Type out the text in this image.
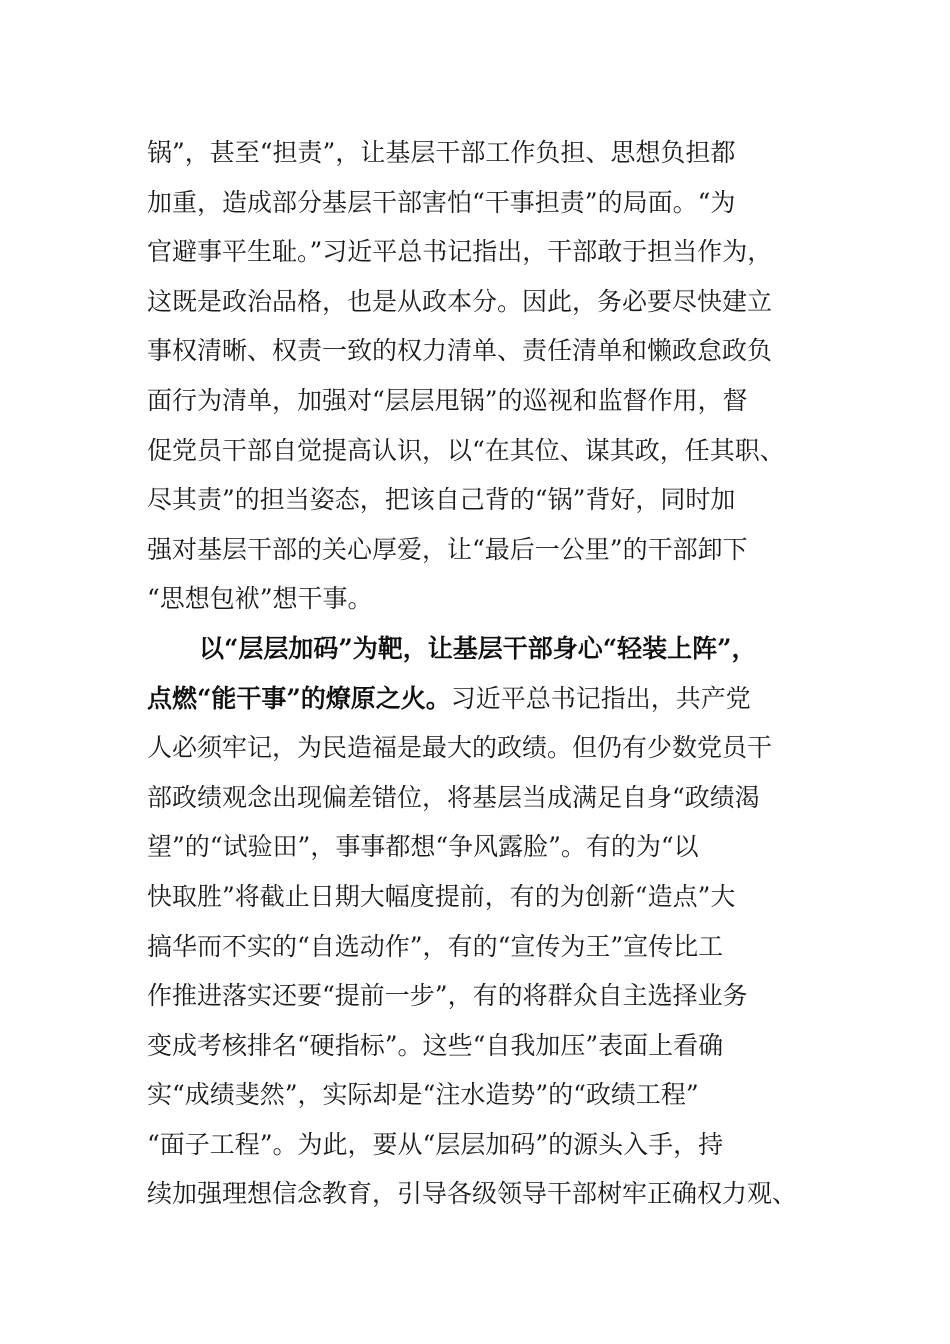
锅”，甚至“担责”，让基层干部工作负担、思想负担都
加重，造成部分基层干部害怕“干事担责”的局面。“为
官避事平生耻。”习近平总书记指出，干部敢于担当作为，
这既是政治品格，也是从政本分。因此，务必要尽快建立
事权清晰、权责一致的权力清单、责任清单和懒政怠政负
面行为清单，加强对“层层甩锅”的巡视和监督作用，督
促党员干部自觉提高认识，以“在其位、谋其政，任其职、
尽其责”的担当姿态，把该自己背的“锅”背好，同时加
强对基层干部的关心厚爱，让“最后一公里”的干部卸下
“思想包袱”想干事。
以“层层加码”为靶，让基层干部身心“轻装上阵”，
点燃“能干事”的燎原之火。习近平总书记指出，共产党
人必须牢记，为民造福是最大的政绩。但仍有少数党员干
部政绩观念出现偏差错位，将基层当成满足自身“政绩渴
望”的“试验田”，事事都想“争风露脸”。有的为“以
快取胜”将截止日期大幅度提前，有的为创新“造点”大
搞华而不实的“自选动作”，有的“宣传为王”宣传比工
作推进落实还要“提前一步”，有的将群众自主选择业务
变成考核排名“硬指标”。这些“自我加压”表面上看确
实“成绩斐然”，实际却是“注水造势”的“政绩工程”
“面子工程”。为此，要从“层层加码”的源头入手，持
续加强理想信念教育，引导各级领导干部树牢正确权力观、
